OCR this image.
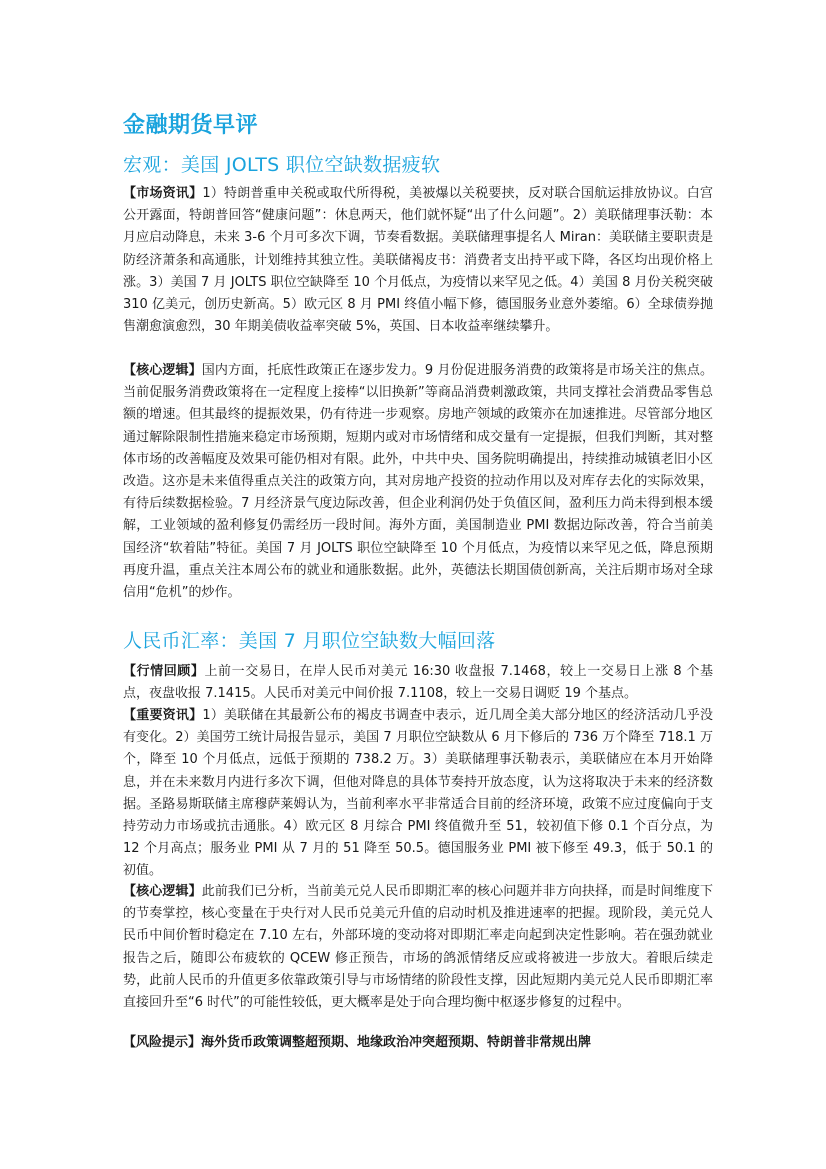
金融期货早评
宏观：美国 JOLTS 职位空缺数据疲软

【市场资讯】1）特朗普重申关税或取代所得税，美被爆以关税要挟，反对联合国航运排放协议。白宫公开露面，特朗普回答“健康问题”：休息两天，他们就怀疑“出了什么问题”。2）美联储理事沃勒：本月应启动降息，未来 3-6 个月可多次下调，节奏看数据。美联储理事提名人 Miran：美联储主要职责是防经济萧条和高通胀，计划维持其独立性。美联储褐皮书：消费者支出持平或下降，各区均出现价格上涨。3）美国 7 月 JOLTS 职位空缺降至 10 个月低点，为疫情以来罕见之低。4）美国 8 月份关税突破 310 亿美元，创历史新高。5）欧元区 8 月 PMI 终值小幅下修，德国服务业意外萎缩。6）全球债券抛售潮愈演愈烈，30 年期美债收益率突破 5%，英国、日本收益率继续攀升。

【核心逻辑】国内方面，托底性政策正在逐步发力。9 月份促进服务消费的政策将是市场关注的焦点。当前促服务消费政策将在一定程度上接棒“以旧换新”等商品消费刺激政策，共同支撑社会消费品零售总额的增速。但其最终的提振效果，仍有待进一步观察。房地产领域的政策亦在加速推进。尽管部分地区通过解除限制性措施来稳定市场预期，短期内或对市场情绪和成交量有一定提振，但我们判断，其对整体市场的改善幅度及效果可能仍相对有限。此外，中共中央、国务院明确提出，持续推动城镇老旧小区改造。这亦是未来值得重点关注的政策方向，其对房地产投资的拉动作用以及对库存去化的实际效果，有待后续数据检验。7 月经济景气度边际改善，但企业利润仍处于负值区间，盈利压力尚未得到根本缓解，工业领域的盈利修复仍需经历一段时间。海外方面，美国制造业 PMI 数据边际改善，符合当前美国经济“软着陆”特征。美国 7 月 JOLTS 职位空缺降至 10 个月低点，为疫情以来罕见之低，降息预期再度升温，重点关注本周公布的就业和通胀数据。此外，英德法长期国债创新高，关注后期市场对全球信用“危机”的炒作。

人民币汇率：美国 7 月职位空缺数大幅回落

【行情回顾】上前一交易日，在岸人民币对美元 16:30 收盘报 7.1468，较上一交易日上涨 8 个基点，夜盘收报 7.1415。人民币对美元中间价报 7.1108，较上一交易日调贬 19 个基点。

【重要资讯】1）美联储在其最新公布的褐皮书调查中表示，近几周全美大部分地区的经济活动几乎没有变化。2）美国劳工统计局报告显示，美国 7 月职位空缺数从 6 月下修后的 736 万个降至 718.1 万个，降至 10 个月低点，远低于预期的 738.2 万。3）美联储理事沃勒表示，美联储应在本月开始降息，并在未来数月内进行多次下调，但他对降息的具体节奏持开放态度，认为这将取决于未来的经济数据。圣路易斯联储主席穆萨莱姆认为，当前利率水平非常适合目前的经济环境，政策不应过度偏向于支持劳动力市场或抗击通胀。4）欧元区 8 月综合 PMI 终值微升至 51，较初值下修 0.1 个百分点，为 12 个月高点；服务业 PMI 从 7 月的 51 降至 50.5。德国服务业 PMI 被下修至 49.3，低于 50.1 的初值。

【核心逻辑】此前我们已分析，当前美元兑人民币即期汇率的核心问题并非方向抉择，而是时间维度下的节奏掌控，核心变量在于央行对人民币兑美元升值的启动时机及推进速率的把握。现阶段，美元兑人民币中间价暂时稳定在 7.10 左右，外部环境的变动将对即期汇率走向起到决定性影响。若在强劲就业报告之后，随即公布疲软的 QCEW 修正预告，市场的鸽派情绪反应或将被进一步放大。着眼后续走势，此前人民币的升值更多依靠政策引导与市场情绪的阶段性支撑，因此短期内美元兑人民币即期汇率直接回升至“6 时代”的可能性较低，更大概率是处于向合理均衡中枢逐步修复的过程中。

【风险提示】海外货币政策调整超预期、地缘政治冲突超预期、特朗普非常规出牌
